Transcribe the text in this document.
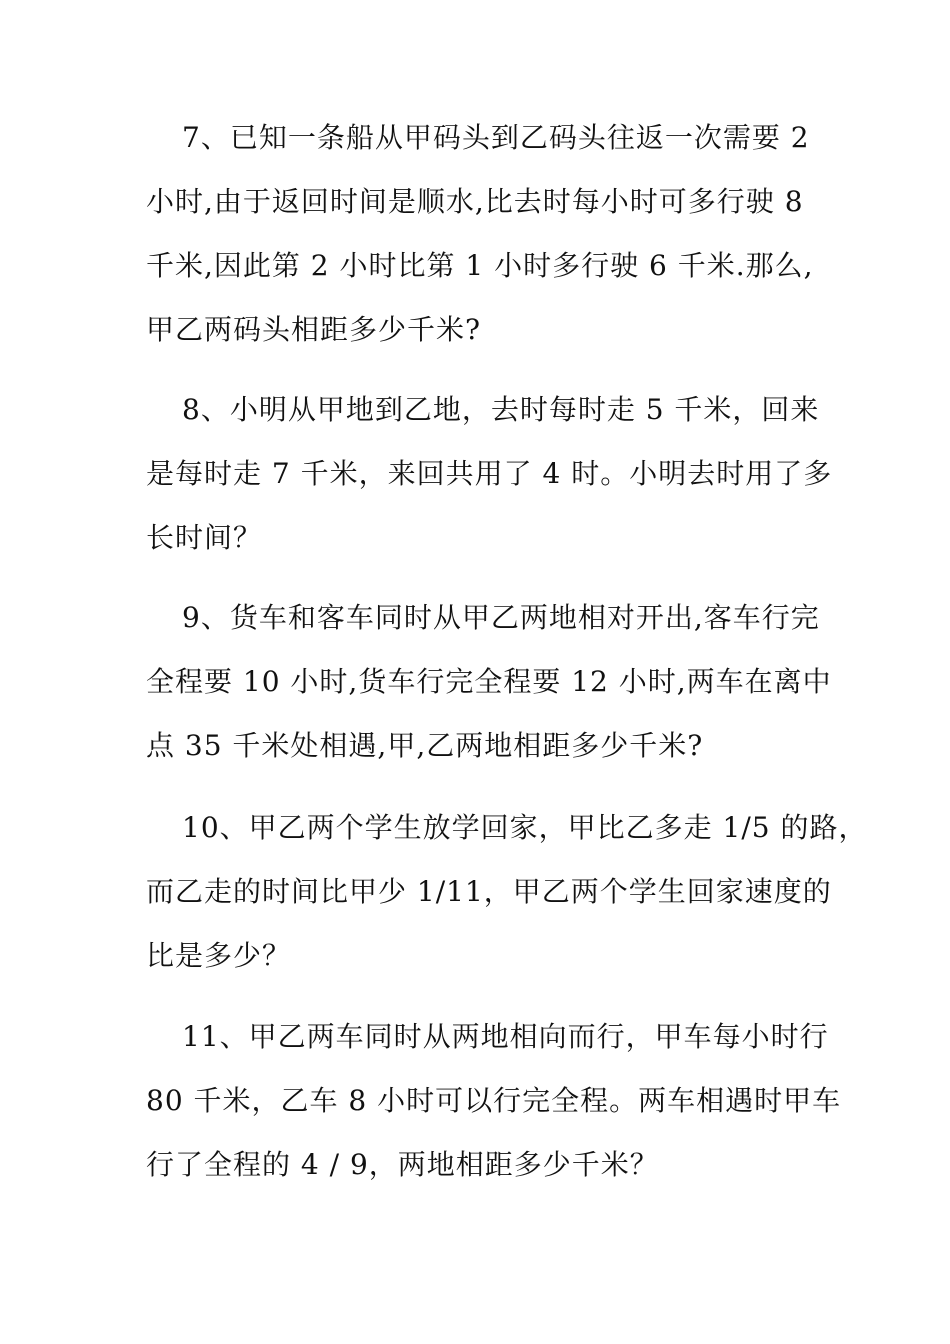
7、已知一条船从甲码头到乙码头往返一次需要 2
小时,由于返回时间是顺水,比去时每小时可多行驶 8
千米,因此第 2 小时比第 1 小时多行驶 6 千米.那么,
甲乙两码头相距多少千米?
8、小明从甲地到乙地，去时每时走 5 千米，回来
是每时走 7 千米，来回共用了 4 时。小明去时用了多
长时间？
9、货车和客车同时从甲乙两地相对开出,客车行完
全程要 10 小时,货车行完全程要 12 小时,两车在离中
点 35 千米处相遇,甲,乙两地相距多少千米?
10、甲乙两个学生放学回家，甲比乙多走 1/5 的路，
而乙走的时间比甲少 1/11，甲乙两个学生回家速度的
比是多少？
11、甲乙两车同时从两地相向而行，甲车每小时行
80 千米，乙车 8 小时可以行完全程。两车相遇时甲车
行了全程的 4 / 9，两地相距多少千米？
